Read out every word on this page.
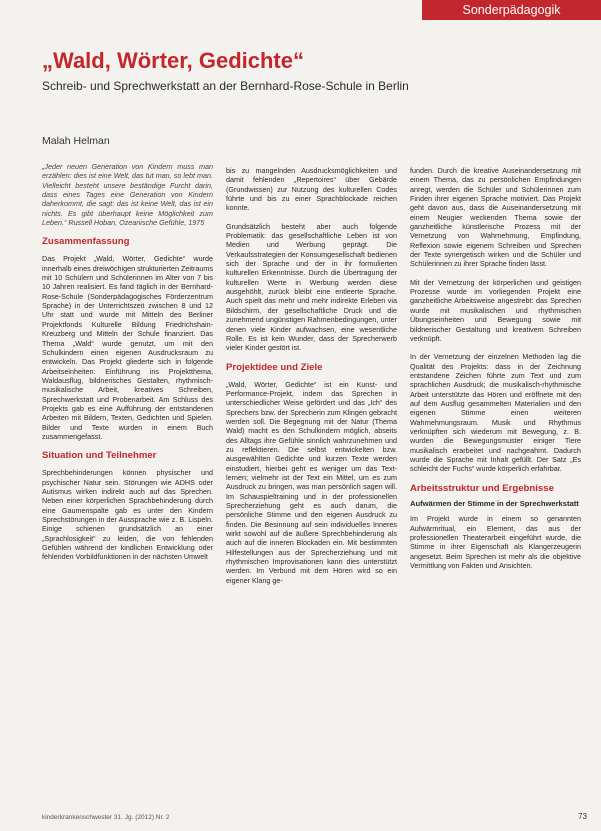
Sonderpädagogik
„Wald, Wörter, Gedichte“

Schreib- und Sprechwerkstatt an der Bernhard-Rose-Schule in Berlin

Malah Helman

„Jeder neuen Generation von Kindern muss man erzählen: dies ist eine Welt, das tut man, so lebt man. Vielleicht besteht unsere beständige Furcht darin, dass eines Tages eine Generation von Kindern daherkommt, die sagt: das ist keine Welt, das ist ein nichts. Es gibt überhaupt keine Möglichkeit zum Leben.“ Russell Hoban, Ozeanische Gefühle, 1975

Zusammenfassung

Das Projekt „Wald, Wörter, Gedichte“ wurde innerhalb eines dreiwöchigen strukturierten Zeitraums mit 10 Schülern und Schülerinnen im Alter von 7 bis 10 Jahren realisiert. Es fand täglich in der Bernhard-Rose-Schule (Sonderpädagogisches Förderzentrum Sprache) in der Unterrichtszeit zwischen 8 und 12 Uhr statt und wurde mit Mitteln des Berliner Projektfonds Kulturelle Bildung Friedrichshain-Kreuzberg und Mitteln der Schule finanziert. Das Thema „Wald“ wurde genutzt, um mit den Schulkindern einen eigenen Ausdrucksraum zu entwickeln. Das Projekt gliederte sich in folgende Arbeitseinheiten: Einführung ins Projektthema, Waldausflug, bildnerisches Gestalten, rhythmisch-musikalische Arbeit, kreatives Schreiben, Sprechwerkstatt und Probenarbeit. Am Schluss des Projekts gab es eine Aufführung der entstandenen Arbeiten mit Bildern, Texten, Gedichten und Spielen. Bilder und Texte wurden in einem Buch zusammengefasst.

Situation und Teilnehmer

Sprechbehinderungen können physischer und psychischer Natur sein. Störungen wie ADHS oder Autismus wirken indirekt auch auf das Sprechen. Neben einer körperlichen Sprachbehinderung durch eine Gaumenspalte gab es unter den Kindern Sprechstörungen in der Aussprache wie z. B. Lispeln. Einige schienen grundsätzlich an einer „Sprachlosigkeit“ zu leiden, die von fehlenden Gefühlen während der kindlichen Entwicklung oder fehlenden Vorbildfunktionen in der nächsten Umwelt

bis zu mangelnden Ausdrucksmöglichkeiten und damit fehlenden „Repertoires“ über Gebärde (Grundwissen) zur Nutzung des kulturellen Codes führte und bis zu einer Sprachblockade reichen konnte.

Grundsätzlich besteht aber auch folgende Problematik: das gesellschaftliche Leben ist von Medien und Werbung geprägt. Die Verkaufsstrategien der Konsumgesellschaft bedienen sich der Sprache und der in ihr formulierten kulturellen Erkenntnisse. Durch die Übertragung der kulturellen Werte in Werbung werden diese ausgehöhlt, zurück bleibt eine entleerte Sprache. Auch spielt das mehr und mehr indirekte Erleben via Bildschirm, der gesellschaftliche Druck und die zunehmend ungünstigen Rahmenbedingungen, unter denen viele Kinder aufwachsen, eine wesentliche Rolle. Es ist kein Wunder, dass der Sprecherwerb vieler Kinder gestört ist.

Projektidee und Ziele

„Wald, Wörter, Gedichte“ ist ein Kunst- und Performance-Projekt, indem das Sprechen in unterschiedlicher Weise gefördert und das „Ich“ des Sprechers bzw. der Sprecherin zum Klingen gebracht werden soll. Die Begegnung mit der Natur (Thema Wald) macht es den Schulkindern möglich, abseits des Alltags ihre Gefühle sinnlich wahrzunehmen und zu reflektieren. Die selbst entwickelten bzw. ausgewählten Gedichte und kurzen Texte werden einstudiert, hierbei geht es weniger um das Text-lernen; vielmehr ist der Text ein Mittel, um es zum Ausdruck zu bringen, was man persönlich sagen will. Im Schauspieltraining und in der professionellen Sprecherziehung geht es auch darum, die persönliche Stimme und den eigenen Ausdruck zu finden. Die Besinnung auf sein individuelles Inneres wirkt sowohl auf die äußere Sprechbehinderung als auch auf die inneren Blockaden ein. Mit bestimmten Hilfestellungen aus der Sprecherziehung und mit rhythmischen Improvisationen kann dies unterstützt werden. Im Verbund mit dem Hören wird so ein eigener Klang ge-

funden. Durch die kreative Auseinandersetzung mit einem Thema, das zu persönlichen Empfindungen anregt, werden die Schüler und Schülerinnen zum Finden ihrer eigenen Sprache motiviert. Das Projekt geht davon aus, dass die Auseinandersetzung mit einem Neugier weckenden Thema sowie der ganzheitliche künstlerische Prozess mit der Vernetzung von Wahrnehmung, Empfindung, Reflexion sowie eigenem Schreiben und Sprechen der Texte synergetisch wirken und die Schüler und Schülerinnen zu ihrer Sprache finden lässt.

Mit der Vernetzung der körperlichen und geistigen Prozesse wurde im vorliegenden Projekt eine ganzheitliche Arbeitsweise angestrebt: das Sprechen wurde mit musikalischen und rhythmischen Übungseinheiten und Bewegung sowie mit bildnerischer Gestaltung und kreativem Schreiben verknüpft.

In der Vernetzung der einzelnen Methoden lag die Qualität des Projekts: dass in der Zeichnung entstandene Zeichen führte zum Text und zum sprachlichen Ausdruck; die musikalisch-rhythmische Arbeit unterstützte das Hören und eröffnete mit den auf dem Ausflug gesammelten Materialien und den eigenen Stimme einen weiteren Wahrnehmungsraum. Musik und Rhythmus verknüpften sich wiederum mit Bewegung, z. B. wurden die Bewegungsmuster einiger Tiere musikalisch erarbeitet und nachgeahmt. Dadurch wurde die Sprache mit Inhalt gefüllt. Der Satz „Es schleicht der Fuchs“ wurde körperlich erfahrbar.

Arbeitsstruktur und Ergebnisse
Aufwärmen der Stimme in der Sprechwerkstatt

Im Projekt wurde in einem so genannten Aufwärmritual, ein Element, das aus der professionellen Theaterarbeit eingeführt wurde, die Stimme in ihrer Eigenschaft als Klangerzeugerin angesetzt. Beim Sprechen ist mehr als die objektive Vermittlung von Fakten und Ansichten.

kinderkrankenschwester 31. Jg. (2012) Nr. 2	73
